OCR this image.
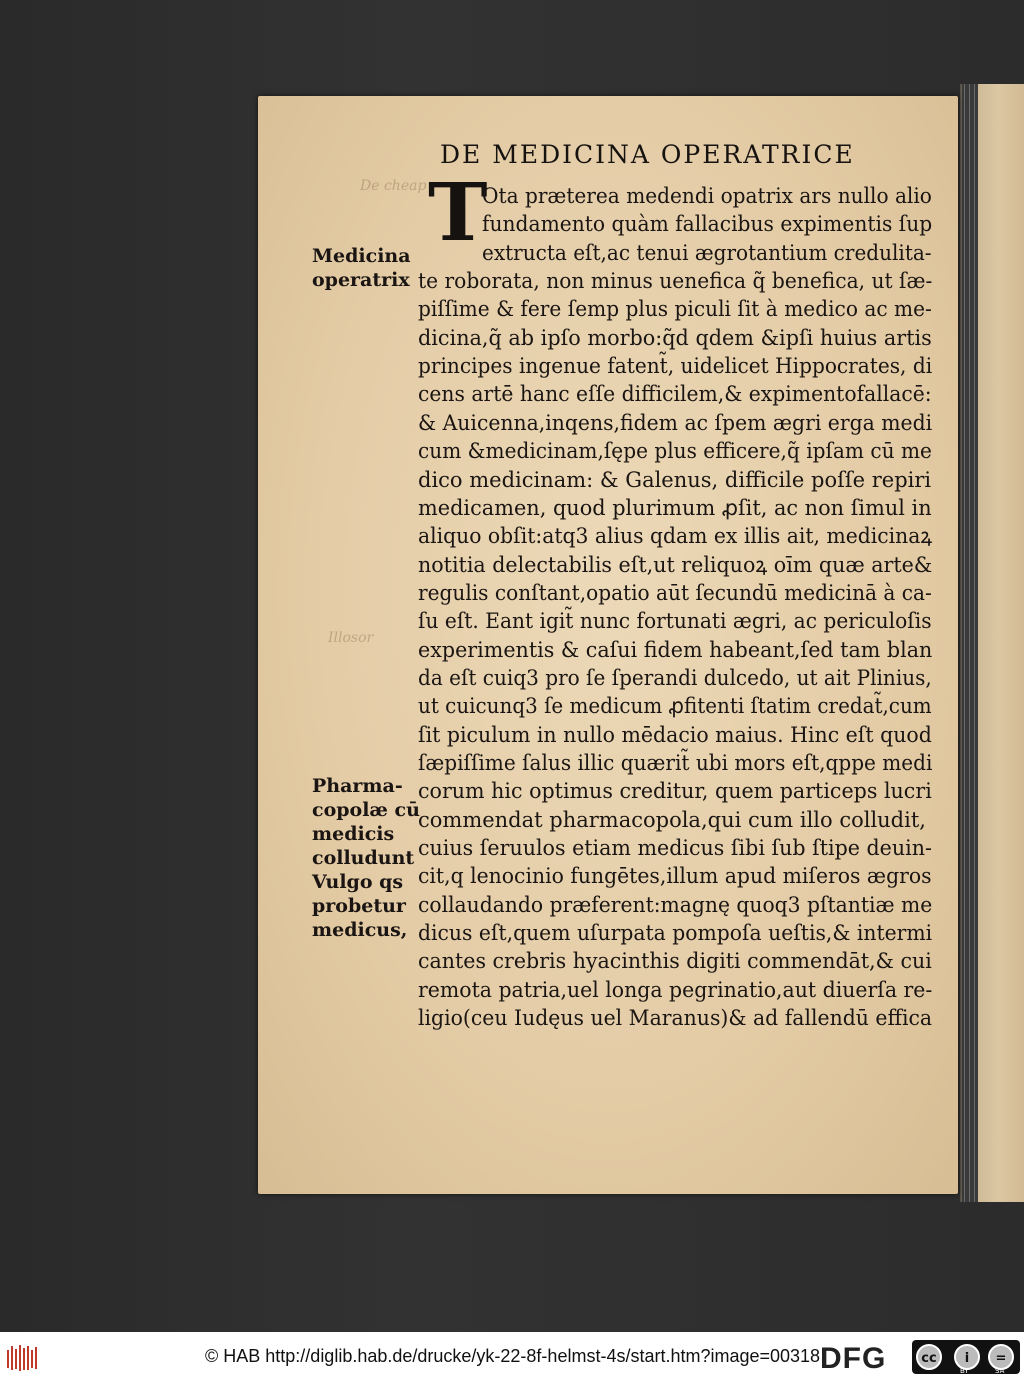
De cheap
Illosor
DE MEDICINA OPERATRICE
T
Ota prætereа medendi opatrix ars nullo alio
fundamento quàm fallacibus expimentis ſup
extructa eſt,ac tenui ægrotantium credulita-
te roborata, non minus uenefica q̃ benefica, ut ſæ-
piſſime & fere ſemp plus piculi ſit à medico ac me-
dicina,q̃ ab ipſo morbo:q̃d qdem &ipſi huius artis
principes ingenue fatent̃, uidelicet Hippocrates, di
cens artē hanc eſſe difficilem,& expimentofallacē:
& Auicenna,inqens,fidem ac ſpem ægri erga medi
cum &medicinam,ſępe plus efficere,q̃ ipſam cū me
dico medicinam: & Galenus, difficile poſſe repiri
medicamen, quod plurimum ꝓſit, ac non ſimul in
aliquo obſit:atq3 alius qdam ex illis ait, medicinaꝝ
notitia delectabilis eſt,ut reliquoꝝ oīm quæ arte&
regulis conſtant,opatio aūt ſecundū medicinā à ca-
ſu eſt. Eant igit̃ nunc fortunati ægri, ac periculoſis
experimentis & caſui fidem habeant,ſed tam blan
da eſt cuiq3 pro ſe ſperandi dulcedo, ut ait Plinius,
ut cuicunq3 ſe medicum ꝓfitenti ſtatim credat̃,cum
ſit piculum in nullo mēdacio maius. Hinc eſt quod
ſæpiſſime ſalus illic quærit̃ ubi mors eſt,qppe medi
corum hic optimus creditur, quem particeps lucri
commendat pharmacopola,qui cum illo colludit,
cuius ſeruulos etiam medicus ſibi ſub ſtipe deuin-
cit,q lenocinio fungētes,illum apud miſeros ægros
collaudando præferent:magnę quoq3 pſtantiæ me
dicus eſt,quem uſurpata pompoſa ueſtis,& intermi
cantes crebris hyacinthis digiti commendāt,& cui
remota patria,uel longa pegrinatio,aut diuerſa re-
ligio(ceu Iudęus uel Maranus)& ad fallendū effica
Medicina
operatrix
Pharma-
copolæ cū
medicis
colludunt
Vulgo qs
probetur
medicus,
© HAB http://diglib.hab.de/drucke/yk-22-8f-helmst-4s/start.htm?image=00318 DFG	cc	i	=
BY	SA
